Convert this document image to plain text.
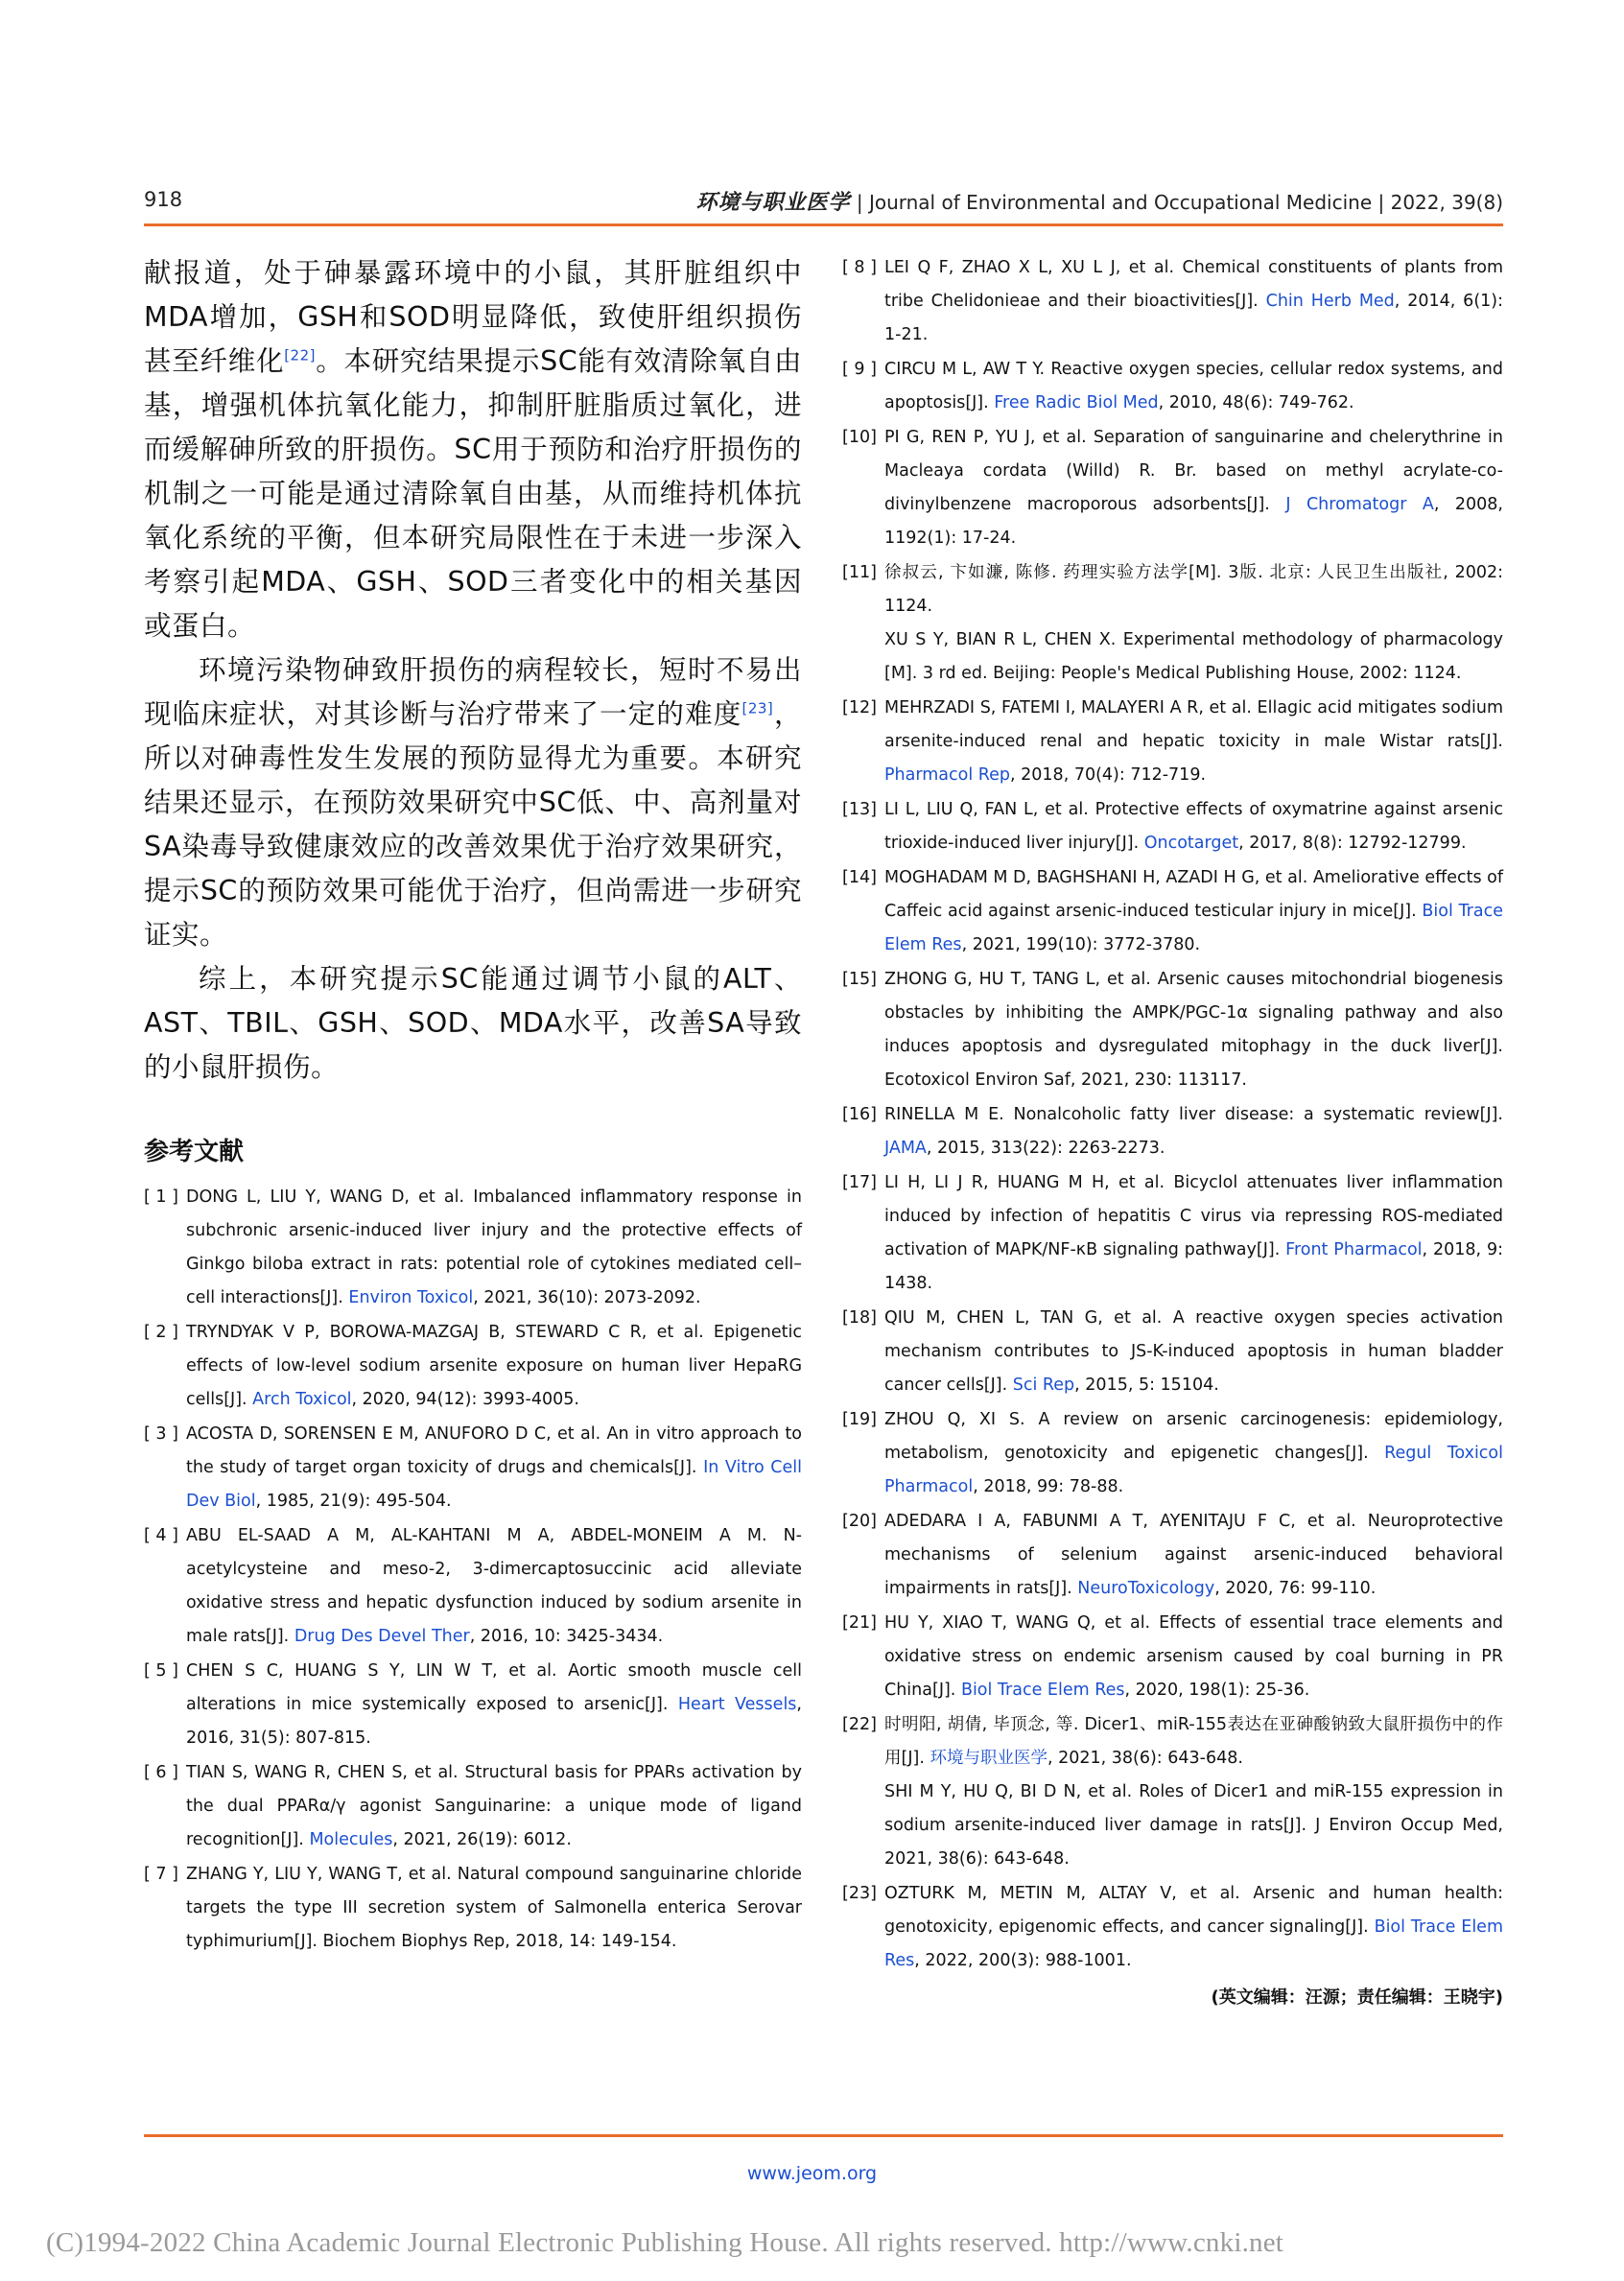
918	环境与职业医学 | Journal of Environmental and Occupational Medicine | 2022, 39(8)

献报道，处于砷暴露环境中的小鼠，其肝脏组织中MDA增加，GSH和SOD明显降低，致使肝组织损伤甚至纤维化[22]。本研究结果提示SC能有效清除氧自由基，增强机体抗氧化能力，抑制肝脏脂质过氧化，进而缓解砷所致的肝损伤。SC用于预防和治疗肝损伤的机制之一可能是通过清除氧自由基，从而维持机体抗氧化系统的平衡，但本研究局限性在于未进一步深入考察引起MDA、GSH、SOD三者变化中的相关基因或蛋白。

环境污染物砷致肝损伤的病程较长，短时不易出现临床症状，对其诊断与治疗带来了一定的难度[23]，所以对砷毒性发生发展的预防显得尤为重要。本研究结果还显示，在预防效果研究中SC低、中、高剂量对SA染毒导致健康效应的改善效果优于治疗效果研究，提示SC的预防效果可能优于治疗，但尚需进一步研究证实。

综上，本研究提示SC能通过调节小鼠的ALT、AST、TBIL、GSH、SOD、MDA水平，改善SA导致的小鼠肝损伤。

参考文献
[ 1 ] DONG L, LIU Y, WANG D, et al. Imbalanced inflammatory response in subchronic arsenic-induced liver injury and the protective effects of Ginkgo biloba extract in rats: potential role of cytokines mediated cell–cell interactions[J]. Environ Toxicol, 2021, 36(10): 2073-2092.
[ 2 ] TRYNDYAK V P, BOROWA-MAZGAJ B, STEWARD C R, et al. Epigenetic effects of low-level sodium arsenite exposure on human liver HepaRG cells[J]. Arch Toxicol, 2020, 94(12): 3993-4005.
[ 3 ] ACOSTA D, SORENSEN E M, ANUFORO D C, et al. An in vitro approach to the study of target organ toxicity of drugs and chemicals[J]. In Vitro Cell Dev Biol, 1985, 21(9): 495-504.
[ 4 ] ABU EL-SAAD A M, AL-KAHTANI M A, ABDEL-MONEIM A M. N-acetylcysteine and meso-2, 3-dimercaptosuccinic acid alleviate oxidative stress and hepatic dysfunction induced by sodium arsenite in male rats[J]. Drug Des Devel Ther, 2016, 10: 3425-3434.
[ 5 ] CHEN S C, HUANG S Y, LIN W T, et al. Aortic smooth muscle cell alterations in mice systemically exposed to arsenic[J]. Heart Vessels, 2016, 31(5): 807-815.
[ 6 ] TIAN S, WANG R, CHEN S, et al. Structural basis for PPARs activation by the dual PPARα/γ agonist Sanguinarine: a unique mode of ligand recognition[J]. Molecules, 2021, 26(19): 6012.
[ 7 ] ZHANG Y, LIU Y, WANG T, et al. Natural compound sanguinarine chloride targets the type III secretion system of Salmonella enterica Serovar typhimurium[J]. Biochem Biophys Rep, 2018, 14: 149-154.
[ 8 ] LEI Q F, ZHAO X L, XU L J, et al. Chemical constituents of plants from tribe Chelidonieae and their bioactivities[J]. Chin Herb Med, 2014, 6(1): 1-21.
[ 9 ] CIRCU M L, AW T Y. Reactive oxygen species, cellular redox systems, and apoptosis[J]. Free Radic Biol Med, 2010, 48(6): 749-762.
[10] PI G, REN P, YU J, et al. Separation of sanguinarine and chelerythrine in Macleaya cordata (Willd) R. Br. based on methyl acrylate-co-divinylbenzene macroporous adsorbents[J]. J Chromatogr A, 2008, 1192(1): 17-24.
[11] 徐叔云, 卞如濂, 陈修. 药理实验方法学[M]. 3版. 北京: 人民卫生出版社, 2002: 1124.
XU S Y, BIAN R L, CHEN X. Experimental methodology of pharmacology [M]. 3 rd ed. Beijing: People's Medical Publishing House, 2002: 1124.
[12] MEHRZADI S, FATEMI I, MALAYERI A R, et al. Ellagic acid mitigates sodium arsenite-induced renal and hepatic toxicity in male Wistar rats[J]. Pharmacol Rep, 2018, 70(4): 712-719.
[13] LI L, LIU Q, FAN L, et al. Protective effects of oxymatrine against arsenic trioxide-induced liver injury[J]. Oncotarget, 2017, 8(8): 12792-12799.
[14] MOGHADAM M D, BAGHSHANI H, AZADI H G, et al. Ameliorative effects of Caffeic acid against arsenic-induced testicular injury in mice[J]. Biol Trace Elem Res, 2021, 199(10): 3772-3780.
[15] ZHONG G, HU T, TANG L, et al. Arsenic causes mitochondrial biogenesis obstacles by inhibiting the AMPK/PGC-1α signaling pathway and also induces apoptosis and dysregulated mitophagy in the duck liver[J]. Ecotoxicol Environ Saf, 2021, 230: 113117.
[16] RINELLA M E. Nonalcoholic fatty liver disease: a systematic review[J]. JAMA, 2015, 313(22): 2263-2273.
[17] LI H, LI J R, HUANG M H, et al. Bicyclol attenuates liver inflammation induced by infection of hepatitis C virus via repressing ROS-mediated activation of MAPK/NF-κB signaling pathway[J]. Front Pharmacol, 2018, 9: 1438.
[18] QIU M, CHEN L, TAN G, et al. A reactive oxygen species activation mechanism contributes to JS-K-induced apoptosis in human bladder cancer cells[J]. Sci Rep, 2015, 5: 15104.
[19] ZHOU Q, XI S. A review on arsenic carcinogenesis: epidemiology, metabolism, genotoxicity and epigenetic changes[J]. Regul Toxicol Pharmacol, 2018, 99: 78-88.
[20] ADEDARA I A, FABUNMI A T, AYENITAJU F C, et al. Neuroprotective mechanisms of selenium against arsenic-induced behavioral impairments in rats[J]. NeuroToxicology, 2020, 76: 99-110.
[21] HU Y, XIAO T, WANG Q, et al. Effects of essential trace elements and oxidative stress on endemic arsenism caused by coal burning in PR China[J]. Biol Trace Elem Res, 2020, 198(1): 25-36.
[22] 时明阳, 胡倩, 毕顶念, 等. Dicer1、miR-155表达在亚砷酸钠致大鼠肝损伤中的作用[J]. 环境与职业医学, 2021, 38(6): 643-648.
SHI M Y, HU Q, BI D N, et al. Roles of Dicer1 and miR-155 expression in sodium arsenite-induced liver damage in rats[J]. J Environ Occup Med, 2021, 38(6): 643-648.
[23] OZTURK M, METIN M, ALTAY V, et al. Arsenic and human health: genotoxicity, epigenomic effects, and cancer signaling[J]. Biol Trace Elem Res, 2022, 200(3): 988-1001.
(英文编辑：汪源；责任编辑：王晓宇)
www.jeom.org
(C)1994-2022 China Academic Journal Electronic Publishing House. All rights reserved. http://www.cnki.net
